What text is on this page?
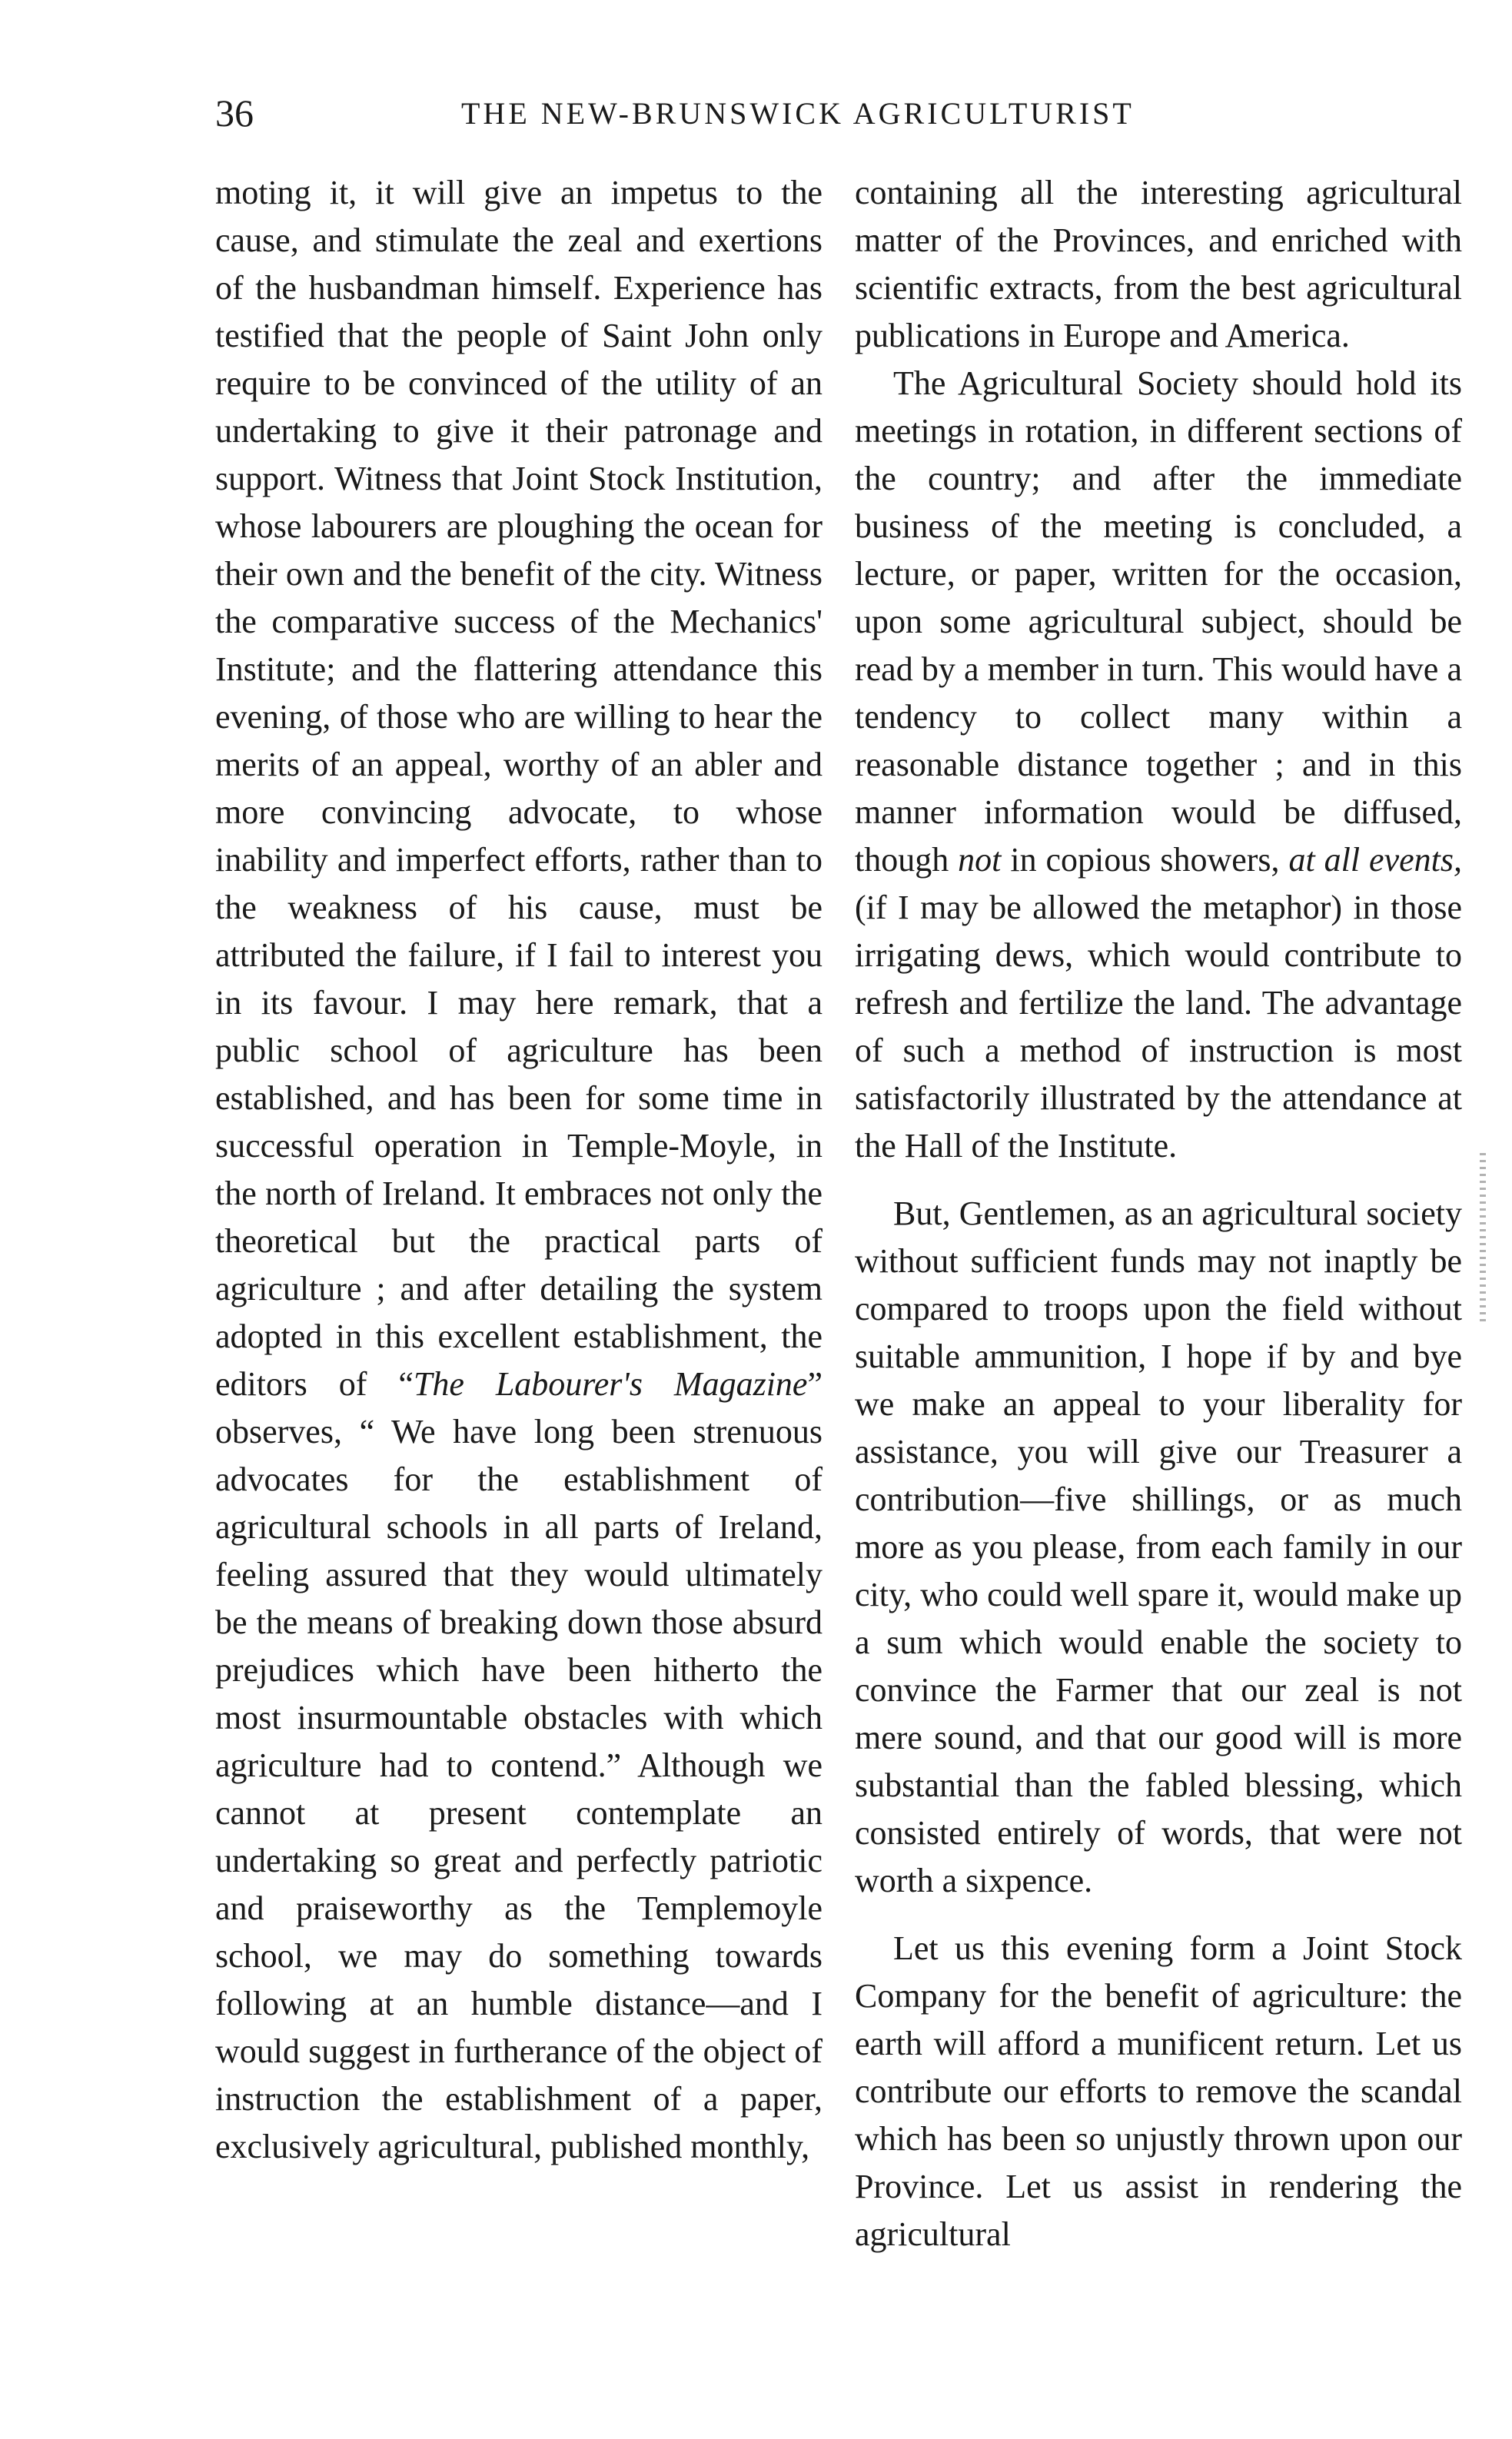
36	THE NEW-BRUNSWICK AGRICULTURIST

moting it, it will give an impetus to the cause, and stimulate the zeal and exertions of the husbandman himself. Experience has testified that the people of Saint John only require to be convinced of the utility of an undertaking to give it their patronage and support. Witness that Joint Stock Institution, whose labourers are ploughing the ocean for their own and the benefit of the city. Witness the comparative success of the Mechanics' Institute; and the flattering attendance this evening, of those who are willing to hear the merits of an appeal, worthy of an abler and more convincing advocate, to whose inability and imperfect efforts, rather than to the weakness of his cause, must be attributed the failure, if I fail to interest you in its favour. I may here remark, that a public school of agriculture has been established, and has been for some time in successful operation in Temple-Moyle, in the north of Ireland. It embraces not only the theoretical but the practical parts of agriculture ; and after detailing the system adopted in this excellent establishment, the editors of “The Labourer's Magazine” observes, “ We have long been strenuous advocates for the establishment of agricultural schools in all parts of Ireland, feeling assured that they would ultimately be the means of breaking down those absurd prejudices which have been hitherto the most insurmountable obstacles with which agriculture had to contend.” Although we cannot at present contemplate an undertaking so great and perfectly patriotic and praiseworthy as the Templemoyle school, we may do something towards following at an humble distance—and I would suggest in furtherance of the object of instruction the establishment of a paper, exclusively agricultural, published monthly,

containing all the interesting agricultural matter of the Provinces, and enriched with scientific extracts, from the best agricultural publications in Europe and America.

The Agricultural Society should hold its meetings in rotation, in different sections of the country; and after the immediate business of the meeting is concluded, a lecture, or paper, written for the occasion, upon some agricultural subject, should be read by a member in turn. This would have a tendency to collect many within a reasonable distance together ; and in this manner information would be diffused, though not in copious showers, at all events, (if I may be allowed the metaphor) in those irrigating dews, which would contribute to refresh and fertilize the land. The advantage of such a method of instruction is most satisfactorily illustrated by the attendance at the Hall of the Institute.

But, Gentlemen, as an agricultural society without sufficient funds may not inaptly be compared to troops upon the field without suitable ammunition, I hope if by and bye we make an appeal to your liberality for assistance, you will give our Treasurer a contribution—five shillings, or as much more as you please, from each family in our city, who could well spare it, would make up a sum which would enable the society to convince the Farmer that our zeal is not mere sound, and that our good will is more substantial than the fabled blessing, which consisted entirely of words, that were not worth a sixpence.

Let us this evening form a Joint Stock Company for the benefit of agriculture: the earth will afford a munificent return. Let us contribute our efforts to remove the scandal which has been so unjustly thrown upon our Province. Let us assist in rendering the agricultural
